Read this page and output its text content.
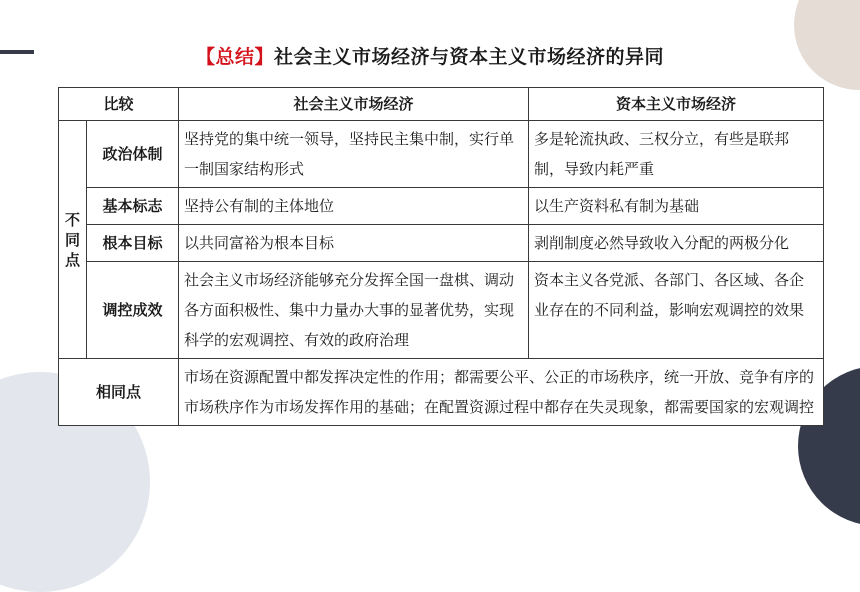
【总结】社会主义市场经济与资本主义市场经济的异同
比较		社会主义市场经济	资本主义市场经济

不
同
点	政治体制	坚持党的集中统一领导，坚持民主集中制，实行单一制国家结构形式	多是轮流执政、三权分立，有些是联邦制，导致内耗严重
	基本标志	坚持公有制的主体地位	以生产资料私有制为基础
	根本目标	以共同富裕为根本目标	剥削制度必然导致收入分配的两极分化
	调控成效	社会主义市场经济能够充分发挥全国一盘棋、调动各方面积极性、集中力量办大事的显著优势，实现科学的宏观调控、有效的政府治理	资本主义各党派、各部门、各区域、各企业存在的不同利益，影响宏观调控的效果
相同点		市场在资源配置中都发挥决定性的作用；都需要公平、公正的市场秩序，统一开放、竞争有序的市场秩序作为市场发挥作用的基础；在配置资源过程中都存在失灵现象，都需要国家的宏观调控	
